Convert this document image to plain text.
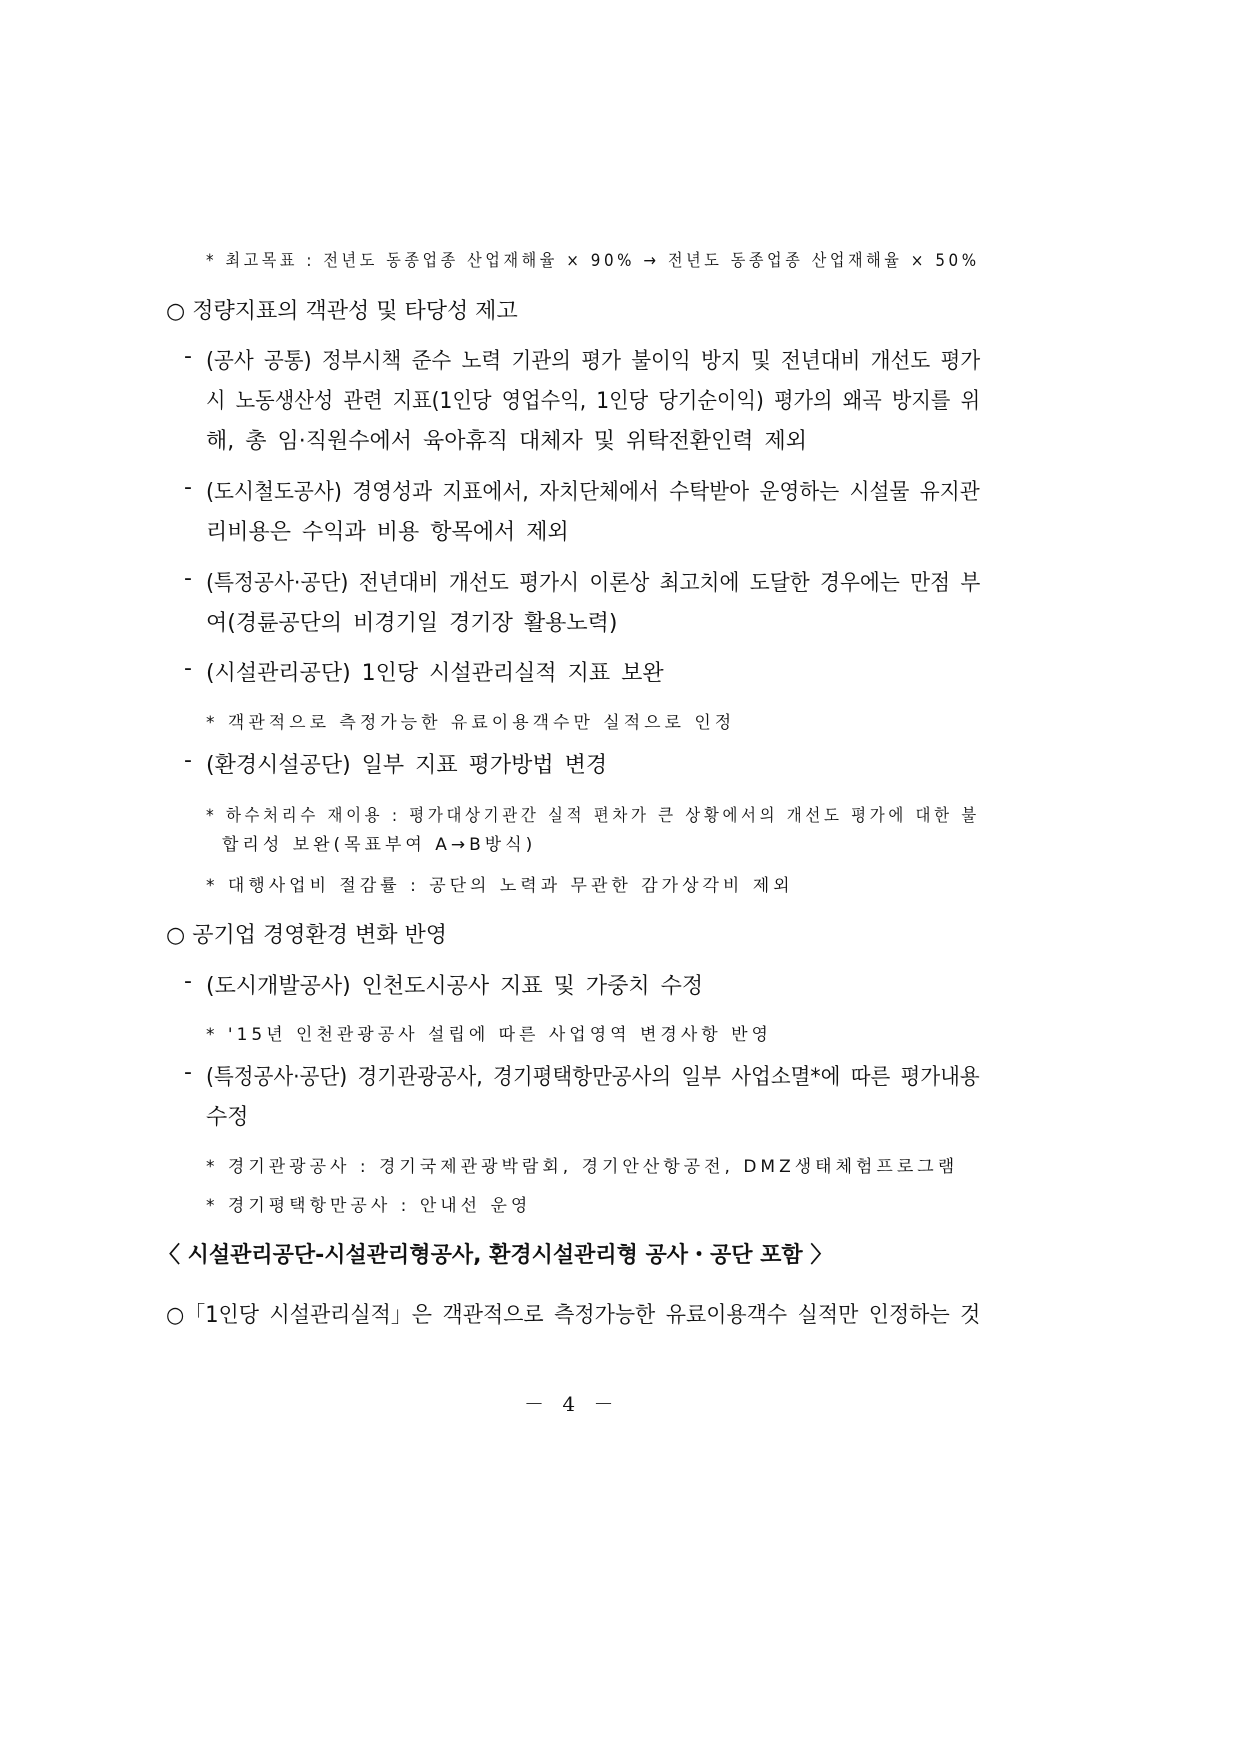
* 최고목표 : 전년도 동종업종 산업재해율 × 90% → 전년도 동종업종 산업재해율 × 50%
○ 정량지표의 객관성 및 타당성 제고
- (공사 공통) 정부시책 준수 노력 기관의 평가 불이익 방지 및 전년대비 개선도 평가
시 노동생산성 관련 지표(1인당 영업수익, 1인당 당기순이익) 평가의 왜곡 방지를 위
해, 총 임·직원수에서 육아휴직 대체자 및 위탁전환인력 제외
- (도시철도공사) 경영성과 지표에서, 자치단체에서 수탁받아 운영하는 시설물 유지관
리비용은 수익과 비용 항목에서 제외
- (특정공사·공단) 전년대비 개선도 평가시 이론상 최고치에 도달한 경우에는 만점 부
여(경륜공단의 비경기일 경기장 활용노력)
- (시설관리공단) 1인당 시설관리실적 지표 보완
* 객관적으로 측정가능한 유료이용객수만 실적으로 인정
- (환경시설공단) 일부 지표 평가방법 변경
* 하수처리수 재이용 : 평가대상기관간 실적 편차가 큰 상황에서의 개선도 평가에 대한 불
합리성 보완(목표부여 A→B방식)
* 대행사업비 절감률 : 공단의 노력과 무관한 감가상각비 제외
○ 공기업 경영환경 변화 반영
- (도시개발공사) 인천도시공사 지표 및 가중치 수정
* '15년 인천관광공사 설립에 따른 사업영역 변경사항 반영
- (특정공사·공단) 경기관광공사, 경기평택항만공사의 일부 사업소멸*에 따른 평가내용
수정
* 경기관광공사 : 경기국제관광박람회, 경기안산항공전, DMZ생태체험프로그램
* 경기평택항만공사 : 안내선 운영
〈 시설관리공단-시설관리형공사, 환경시설관리형 공사・공단 포함 〉
○「1인당 시설관리실적」은 객관적으로 측정가능한 유료이용객수 실적만 인정하는 것
－ 4 －
